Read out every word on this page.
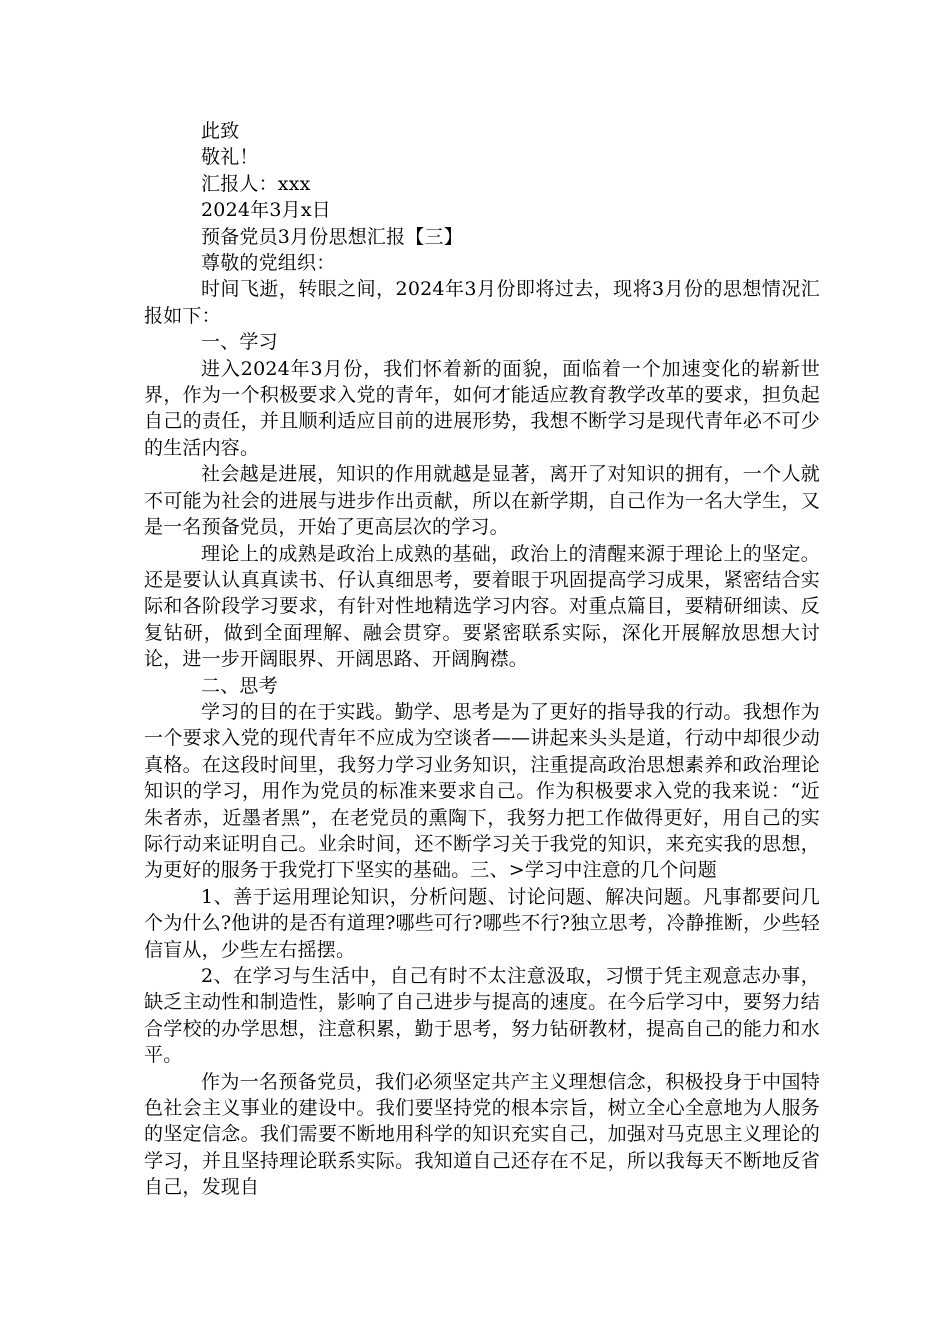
此致

敬礼！

汇报人：xxx

2024年3月x日

预备党员3月份思想汇报【三】

尊敬的党组织：

时间飞逝，转眼之间，2024年3月份即将过去，现将3月份的思想情况汇报如下：

一、学习

进入2024年3月份，我们怀着新的面貌，面临着一个加速变化的崭新世界，作为一个积极要求入党的青年，如何才能适应教育教学改革的要求，担负起自己的责任，并且顺利适应目前的进展形势，我想不断学习是现代青年必不可少的生活内容。

社会越是进展，知识的作用就越是显著，离开了对知识的拥有，一个人就不可能为社会的进展与进步作出贡献，所以在新学期，自己作为一名大学生，又是一名预备党员，开始了更高层次的学习。

理论上的成熟是政治上成熟的基础，政治上的清醒来源于理论上的坚定。还是要认认真真读书、仔认真细思考，要着眼于巩固提高学习成果，紧密结合实际和各阶段学习要求，有针对性地精选学习内容。对重点篇目，要精研细读、反复钻研，做到全面理解、融会贯穿。要紧密联系实际，深化开展解放思想大讨论，进一步开阔眼界、开阔思路、开阔胸襟。

二、思考

学习的目的在于实践。勤学、思考是为了更好的指导我的行动。我想作为一个要求入党的现代青年不应成为空谈者——讲起来头头是道，行动中却很少动真格。在这段时间里，我努力学习业务知识，注重提高政治思想素养和政治理论知识的学习，用作为党员的标准来要求自己。作为积极要求入党的我来说：“近朱者赤，近墨者黑”，在老党员的熏陶下，我努力把工作做得更好，用自己的实际行动来证明自己。业余时间，还不断学习关于我党的知识，来充实我的思想，为更好的服务于我党打下坚实的基础。三、>学习中注意的几个问题

1、善于运用理论知识，分析问题、讨论问题、解决问题。凡事都要问几个为什么?他讲的是否有道理?哪些可行?哪些不行?独立思考，冷静推断，少些轻信盲从，少些左右摇摆。

2、在学习与生活中，自己有时不太注意汲取，习惯于凭主观意志办事，缺乏主动性和制造性，影响了自己进步与提高的速度。在今后学习中，要努力结合学校的办学思想，注意积累，勤于思考，努力钻研教材，提高自己的能力和水平。

作为一名预备党员，我们必须坚定共产主义理想信念，积极投身于中国特色社会主义事业的建设中。我们要坚持党的根本宗旨，树立全心全意地为人服务的坚定信念。我们需要不断地用科学的知识充实自己，加强对马克思主义理论的学习，并且坚持理论联系实际。我知道自己还存在不足，所以我每天不断地反省自己，发现自
